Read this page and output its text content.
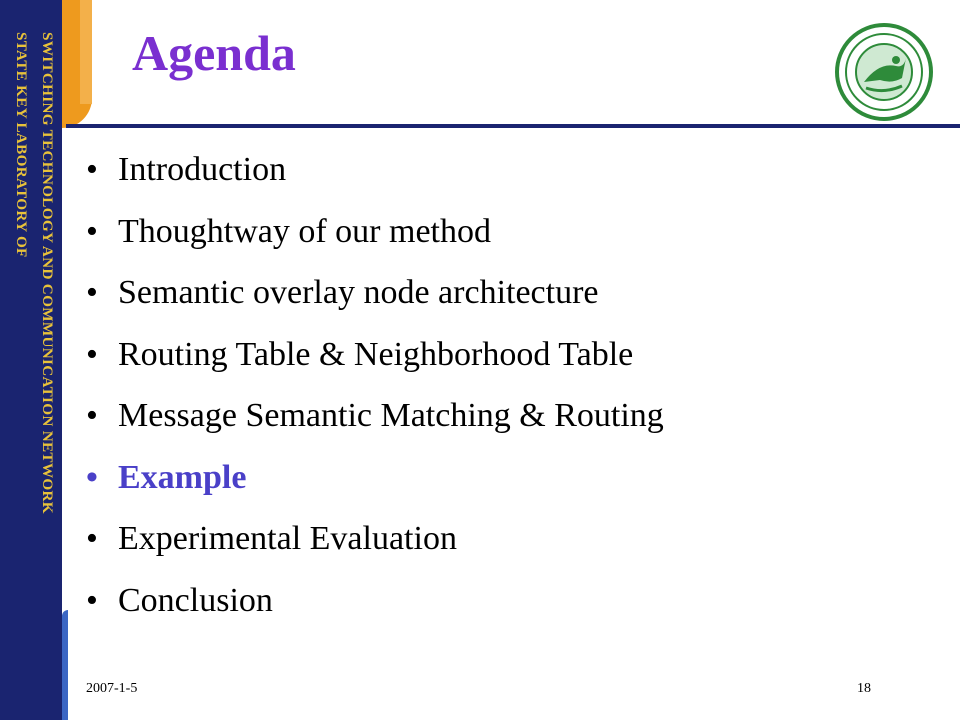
SWITCHING TECHNOLOGY AND COMMUNICATION NETWORK
STATE KEY LABORATORY OF Agenda
• Introduction
• Thoughtway of our method
• Semantic overlay node architecture
• Routing Table & Neighborhood Table
• Message Semantic Matching & Routing
• Example
• Experimental Evaluation
• Conclusion
2007-1-5	18
